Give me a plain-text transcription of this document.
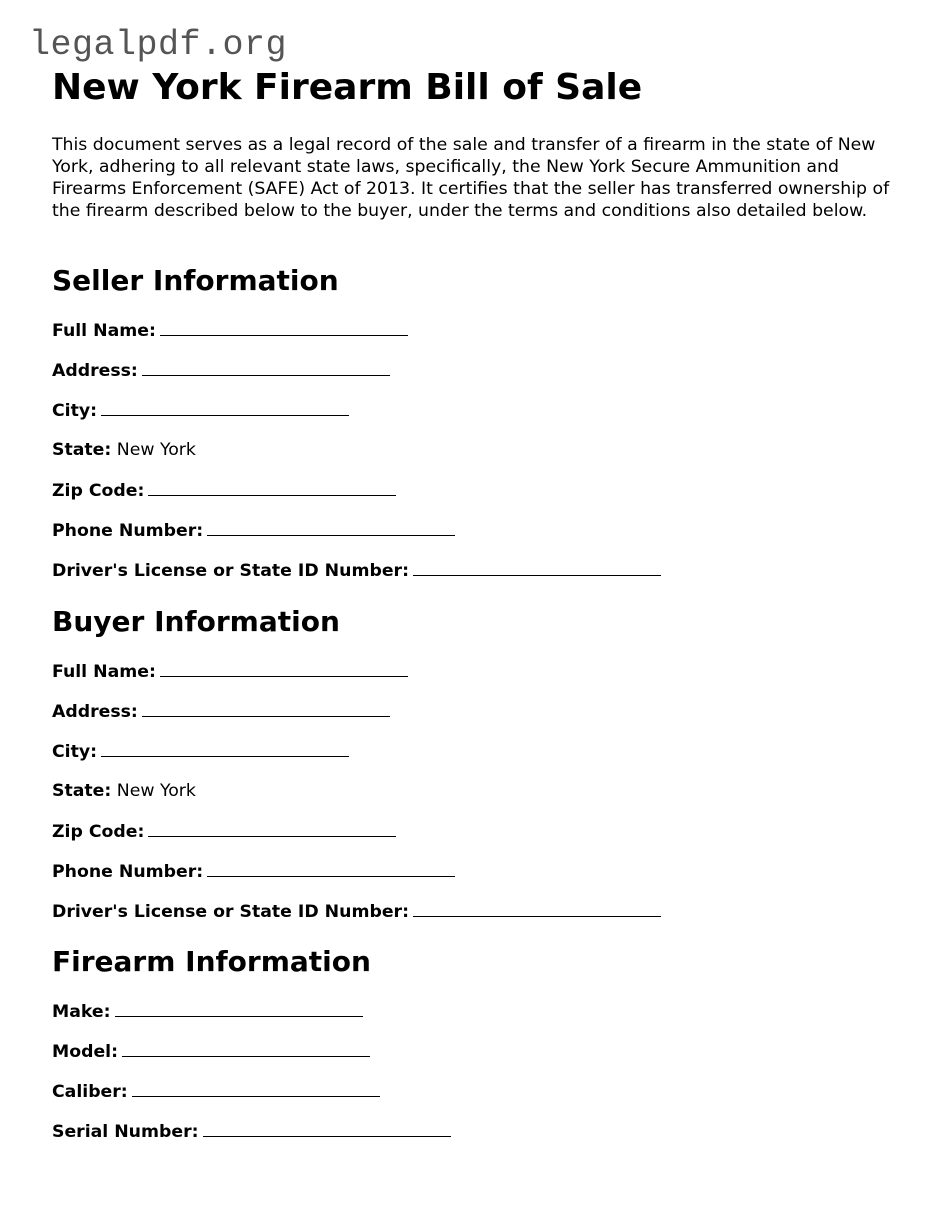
legalpdf.org
New York Firearm Bill of Sale

This document serves as a legal record of the sale and transfer of a firearm in the state of New York, adhering to all relevant state laws, specifically, the New York Secure Ammunition and Firearms Enforcement (SAFE) Act of 2013. It certifies that the seller has transferred ownership of the firearm described below to the buyer, under the terms and conditions also detailed below.

Seller Information
Full Name:
Address:
City:
State: New York
Zip Code:
Phone Number:
Driver's License or State ID Number:
Buyer Information
Full Name:
Address:
City:
State: New York
Zip Code:
Phone Number:
Driver's License or State ID Number:
Firearm Information
Make:
Model:
Caliber:
Serial Number:
